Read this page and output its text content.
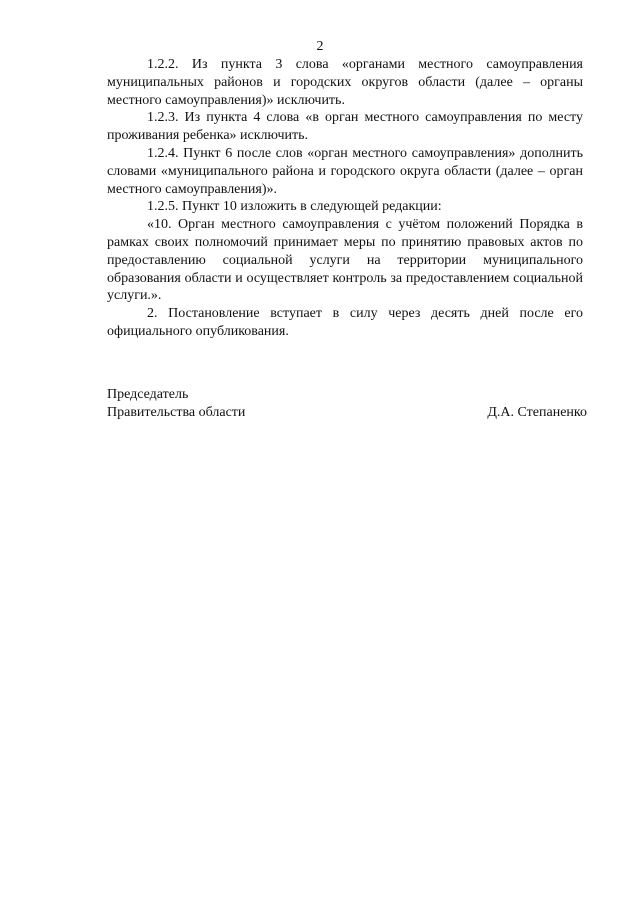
2

1.2.2. Из пункта 3 слова «органами местного самоуправления муниципальных районов и городских округов области (далее – органы местного самоуправления)» исключить.

1.2.3. Из пункта 4 слова «в орган местного самоуправления по месту проживания ребенка» исключить.

1.2.4. Пункт 6 после слов «орган местного самоуправления» дополнить словами «муниципального района и городского округа области (далее – орган местного самоуправления)».

1.2.5. Пункт 10 изложить в следующей редакции:

«10. Орган местного самоуправления с учётом положений Порядка в рамках своих полномочий принимает меры по принятию правовых актов по предоставлению социальной услуги на территории муниципального образования области и осуществляет контроль за предоставлением социальной услуги.».

2. Постановление вступает в силу через десять дней после его официального опубликования.

Председатель
Правительства области	Д.А. Степаненко
